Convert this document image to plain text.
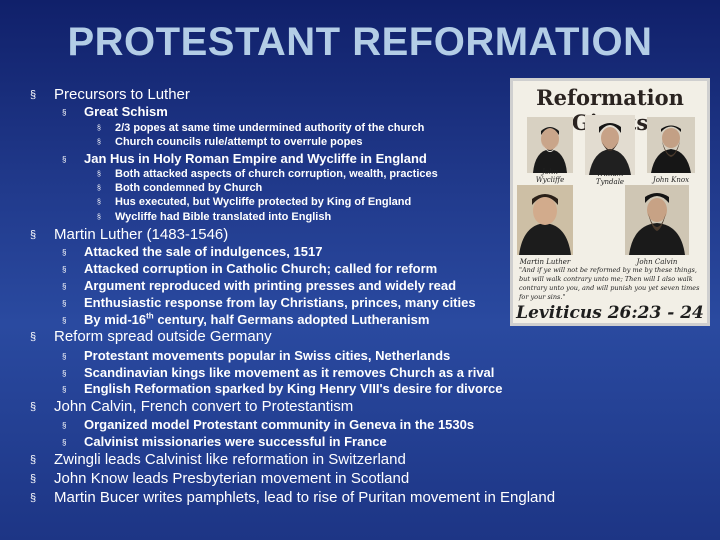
PROTESTANT REFORMATION
§ Precursors to Luther
§ Great Schism
§ 2/3 popes at same time undermined authority of the church
§ Church councils rule/attempt to overrule popes
§ Jan Hus in Holy Roman Empire and Wycliffe in England
§ Both attacked aspects of church corruption, wealth, practices
§ Both condemned by Church
§ Hus executed, but Wycliffe protected by King of England
§ Wycliffe had Bible translated into English
§ Martin Luther (1483-1546)
§ Attacked the sale of indulgences, 1517
§ Attacked corruption in Catholic Church; called for reform
§ Argument reproduced with printing presses and widely read
§ Enthusiastic response from lay Christians, princes, many cities
§ By mid-16th century, half Germans adopted Lutheranism
§ Reform spread outside Germany
§ Protestant movements popular in Swiss cities, Netherlands
§ Scandinavian kings like movement as it removes Church as a rival
§ English Reformation sparked by King Henry VIII's desire for divorce
§ John Calvin, French convert to Protestantism
§ Organized model Protestant community in Geneva in the 1530s
§ Calvinist missionaries were successful in France
§ Zwingli leads Calvinist like reformation in Switzerland
§ John Know leads Presbyterian movement in Scotland
§ Martin Bucer writes pamphlets, lead to rise of Puritan movement in England
Reformation
John Wycliffe
William Tyndale	John Knox
Martin Luther	John Calvin
"And if ye will not be reformed by me by these things, but will walk contrary unto me; Then will I also walk contrary unto you, and will punish you yet seven times for your sins."
Leviticus 26:23 - 24
